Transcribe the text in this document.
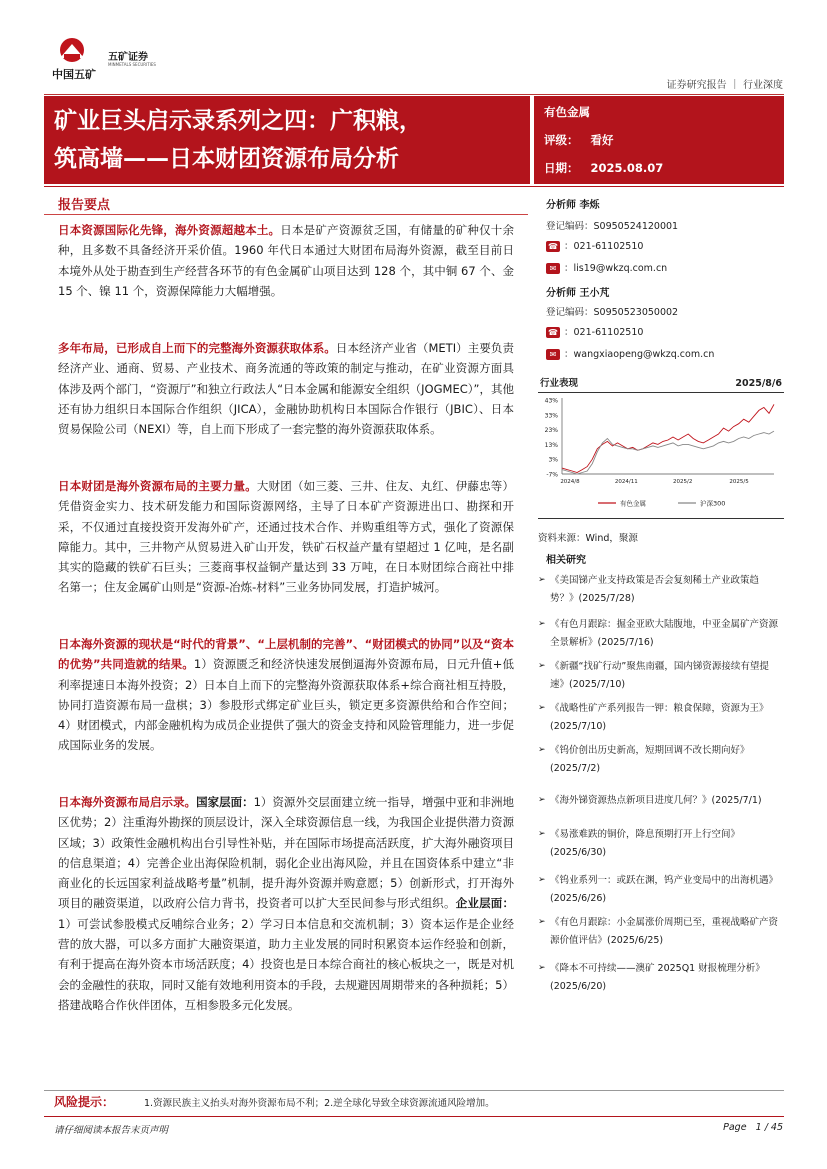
中国五矿
五矿证券
MINMETALS SECURITIES
证券研究报告 ｜ 行业深度
矿业巨头启示录系列之四：广积粮，
筑高墙——日本财团资源布局分析
有色金属
评级： 看好
日期： 2025.08.07
报告要点
日本资源国际化先锋，海外资源超越本土。日本是矿产资源贫乏国，有储量的矿种仅十余种，且多数不具备经济开采价值。1960 年代日本通过大财团布局海外资源，截至目前日本境外从处于勘查到生产经营各环节的有色金属矿山项目达到 128 个，其中铜 67 个、金 15 个、镍 11 个，资源保障能力大幅增强。
多年布局，已形成自上而下的完整海外资源获取体系。日本经济产业省（METI）主要负责经济产业、通商、贸易、产业技术、商务流通的等政策的制定与推动，在矿业资源方面具体涉及两个部门，“资源厅”和独立行政法人“日本金属和能源安全组织（JOGMEC）”，其他还有协力组织日本国际合作组织（JICA），金融协助机构日本国际合作银行（JBIC）、日本贸易保险公司（NEXI）等，自上而下形成了一套完整的海外资源获取体系。
日本财团是海外资源布局的主要力量。大财团（如三菱、三井、住友、丸红、伊藤忠等）凭借资金实力、技术研发能力和国际资源网络，主导了日本矿产资源进出口、勘探和开采，不仅通过直接投资开发海外矿产，还通过技术合作、并购重组等方式，强化了资源保障能力。其中，三井物产从贸易进入矿山开发，铁矿石权益产量有望超过 1 亿吨，是名副其实的隐藏的铁矿石巨头；三菱商事权益铜产量达到 33 万吨，在日本财团综合商社中排名第一；住友金属矿山则是“资源-冶炼-材料”三业务协同发展，打造护城河。
日本海外资源的现状是“时代的背景”、“上层机制的完善”、“财团模式的协同”以及“资本的优势”共同造就的结果。1）资源匮乏和经济快速发展倒逼海外资源布局，日元升值+低利率提速日本海外投资；2）日本自上而下的完整海外资源获取体系+综合商社相互持股，协同打造资源布局一盘棋；3）参股形式绑定矿业巨头，锁定更多资源供给和合作空间；4）财团模式，内部金融机构为成员企业提供了强大的资金支持和风险管理能力，进一步促成国际业务的发展。
日本海外资源布局启示录。国家层面：1）资源外交层面建立统一指导，增强中亚和非洲地区优势；2）注重海外勘探的顶层设计，深入全球资源信息一线，为我国企业提供潜力资源区域；3）政策性金融机构出台引导性补贴，并在国际市场提高活跃度，扩大海外融资项目的信息渠道；4）完善企业出海保险机制，弱化企业出海风险，并且在国资体系中建立“非商业化的长远国家利益战略考量”机制，提升海外资源并购意愿；5）创新形式，打开海外项目的融资渠道，以政府公信力背书，投资者可以扩大至民间参与形式组织。企业层面：1）可尝试参股模式反哺综合业务；2）学习日本信息和交流机制；3）资本运作是企业经营的放大器，可以多方面扩大融资渠道，助力主业发展的同时积累资本运作经验和创新，有利于提高在海外资本市场活跃度；4）投资也是日本综合商社的核心板块之一，既是对机会的金融性的获取，同时又能有效地利用资本的手段，去规避因周期带来的各种损耗；5）搭建战略合作伙伴团体，互相参股多元化发展。
分析师 李烁
登记编码：S0950524120001
☎ ：021-61102510
✉ ：lis19@wkzq.com.cn
分析师 王小芃
登记编码：S0950523050002
☎ ：021-61102510
✉ ：wangxiaopeng@wkzq.com.cn
行业表现	2025/8/6
43%
33%
23%
13%
3%
-7%
2024/8	2024/11	2025/2	2025/5
有色金属	沪深300
资料来源：Wind，聚源
相关研究
➢ 《美国锑产业支持政策是否会复刻稀土产业政策趋势？》(2025/7/28)
➢ 《有色月跟踪：掘金亚欧大陆腹地，中亚金属矿产资源全景解析》(2025/7/16)
➢ 《新疆“找矿行动”聚焦南疆，国内锑资源接续有望提速》(2025/7/10)
➢ 《战略性矿产系列报告一钾：粮食保障，资源为王》(2025/7/10)
➢ 《钨价创出历史新高，短期回调不改长期向好》(2025/7/2)
➢ 《海外锑资源热点新项目进度几何？》(2025/7/1)
➢ 《易涨难跌的铜价，降息预期打开上行空间》(2025/6/30)
➢ 《钨业系列一：或跃在渊，钨产业变局中的出海机遇》(2025/6/26)
➢ 《有色月跟踪：小金属涨价周期已至，重视战略矿产资源价值评估》(2025/6/25)
➢ 《降本不可持续——澳矿 2025Q1 财报梳理分析》(2025/6/20)
风险提示：	1.资源民族主义抬头对海外资源布局不利；2.逆全球化导致全球资源流通风险增加。
请仔细阅读本报告末页声明	Page 1 / 45
